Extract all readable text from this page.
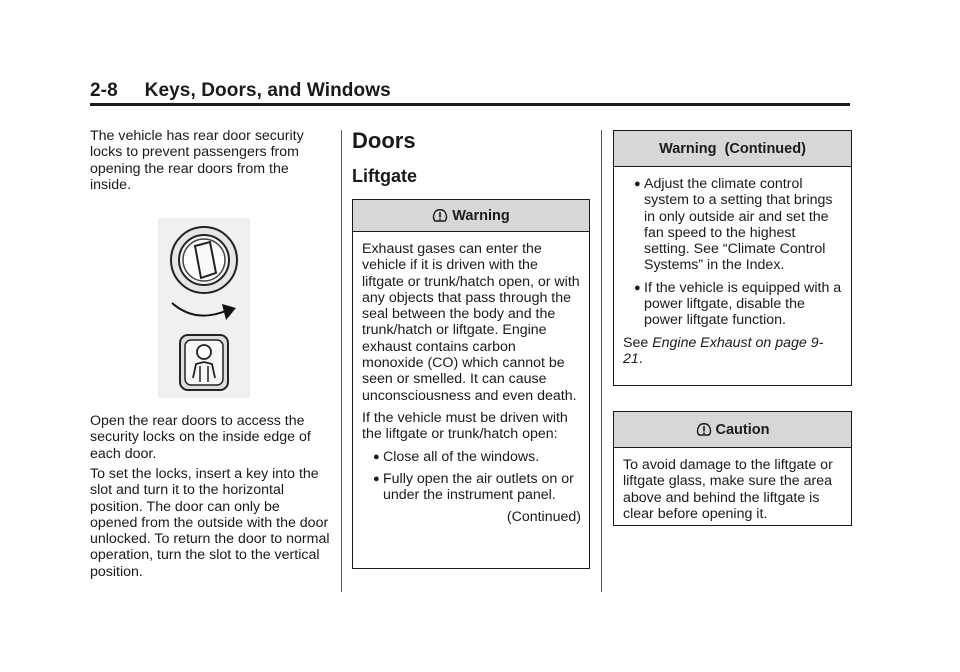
2-8     Keys, Doors, and Windows
The vehicle has rear door security locks to prevent passengers from opening the rear doors from the inside.
Open the rear doors to access the security locks on the inside edge of each door.
To set the locks, insert a key into the slot and turn it to the horizontal position. The door can only be opened from the outside with the door unlocked. To return the door to normal operation, turn the slot to the vertical position.
Doors
Liftgate
Warning
Exhaust gases can enter the vehicle if it is driven with the liftgate or trunk/hatch open, or with any objects that pass through the seal between the body and the trunk/hatch or liftgate. Engine exhaust contains carbon monoxide (CO) which cannot be seen or smelled. It can cause unconsciousness and even death.
If the vehicle must be driven with the liftgate or trunk/hatch open:
● Close all of the windows.
● Fully open the air outlets on or under the instrument panel.
(Continued)
Warning  (Continued)
● Adjust the climate control system to a setting that brings in only outside air and set the fan speed to the highest setting. See “Climate Control Systems” in the Index.
● If the vehicle is equipped with a power liftgate, disable the power liftgate function.
See Engine Exhaust on page 9-21.
Caution
To avoid damage to the liftgate or liftgate glass, make sure the area above and behind the liftgate is clear before opening it.
